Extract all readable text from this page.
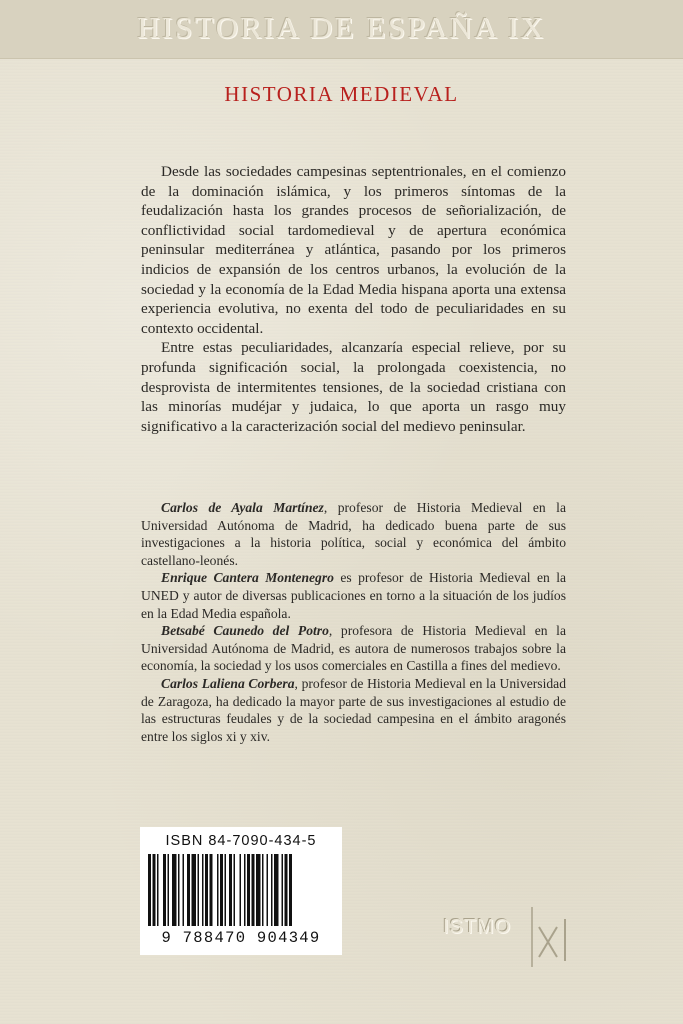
HISTORIA DE ESPAÑA IX
HISTORIA MEDIEVAL

Desde las sociedades campesinas septentrionales, en el comienzo de la dominación islámica, y los primeros síntomas de la feudalización hasta los grandes procesos de señorialización, de conflictividad social tardomedieval y de apertura económica peninsular mediterránea y atlántica, pasando por los primeros indicios de expansión de los centros urbanos, la evolución de la sociedad y la economía de la Edad Media hispana aporta una extensa experiencia evolutiva, no exenta del todo de peculiaridades en su contexto occidental.

Entre estas peculiaridades, alcanzaría especial relieve, por su profunda significación social, la prolongada coexistencia, no desprovista de intermitentes tensiones, de la sociedad cristiana con las minorías mudéjar y judaica, lo que aporta un rasgo muy significativo a la caracterización social del medievo peninsular.

Carlos de Ayala Martínez, profesor de Historia Medieval en la Universidad Autónoma de Madrid, ha dedicado buena parte de sus investigaciones a la historia política, social y económica del ámbito castellano-leonés.

Enrique Cantera Montenegro es profesor de Historia Medieval en la UNED y autor de diversas publicaciones en torno a la situación de los judíos en la Edad Media española.

Betsabé Caunedo del Potro, profesora de Historia Medieval en la Universidad Autónoma de Madrid, es autora de numerosos trabajos sobre la economía, la sociedad y los usos comerciales en Castilla a fines del medievo.

Carlos Laliena Corbera, profesor de Historia Medieval en la Universidad de Zaragoza, ha dedicado la mayor parte de sus investigaciones al estudio de las estructuras feudales y de la sociedad campesina en el ámbito aragonés entre los siglos xi y xiv.

ISBN 84-7090-434-5
9 788470 904349	ISTMO
